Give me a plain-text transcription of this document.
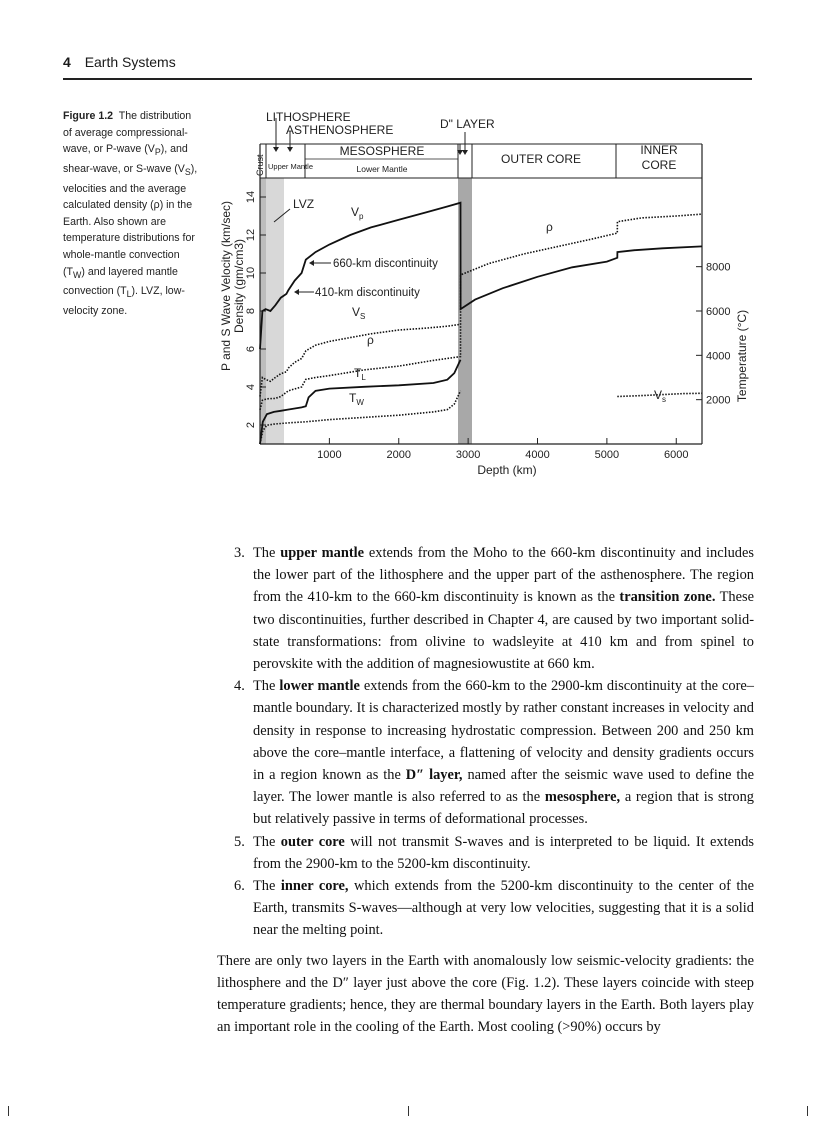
4 Earth Systems
Figure 1.2 The distribution of average compressional-wave, or P-wave $(V_P)$, and shear-wave, or S-wave $(V_S)$, velocities and the average calculated density (ρ) in the Earth. Also shown are temperature distributions for whole-mantle convection $(T_W)$ and layered mantle convection $(T_L)$. LVZ, low-velocity zone.
LITHOSPHERE
ASTHENOSPHERE	D" LAYER
Crust Upper Mantle
MESOSPHERE
Lower Mantle
OUTER CORE
INNER
CORE
P and S Wave Velocity (km/sec) Density (gm/cm3)
Temperature (°C)
Depth (km)
1000	2000	3000	4000	5000	6000
2
4
6
8
10
12
14
2000
4000
6000
8000
LVZ
660-km discontinuity
410-km discontinuity
$V_p$
$V_S$
ρ
ρ
$T_L$
$T_W$
$V_s$
3. The upper mantle extends from the Moho to the 660-km discontinuity and includes the lower part of the lithosphere and the upper part of the asthenosphere. The region from the 410-km to the 660-km discontinuity is known as the transition zone. These two discontinuities, further described in Chapter 4, are caused by two important solid-state transformations: from olivine to wadsleyite at 410 km and from spinel to perovskite with the addition of magnesiowustite at 660 km.
4. The lower mantle extends from the 660-km to the 2900-km discontinuity at the core–mantle boundary. It is characterized mostly by rather constant increases in velocity and density in response to increasing hydrostatic compression. Between 200 and 250 km above the core–mantle interface, a flattening of velocity and density gradients occurs in a region known as the D″ layer, named after the seismic wave used to define the layer. The lower mantle is also referred to as the mesosphere, a region that is strong but relatively passive in terms of deformational processes.
5. The outer core will not transmit S-waves and is interpreted to be liquid. It extends from the 2900-km to the 5200-km discontinuity.
6. The inner core, which extends from the 5200-km discontinuity to the center of the Earth, transmits S-waves—although at very low velocities, suggesting that it is a solid near the melting point.

There are only two layers in the Earth with anomalously low seismic-velocity gradients: the lithosphere and the D″ layer just above the core (Fig. 1.2). These layers coincide with steep temperature gradients; hence, they are thermal boundary layers in the Earth. Both layers play an important role in the cooling of the Earth. Most cooling (>90%) occurs by
